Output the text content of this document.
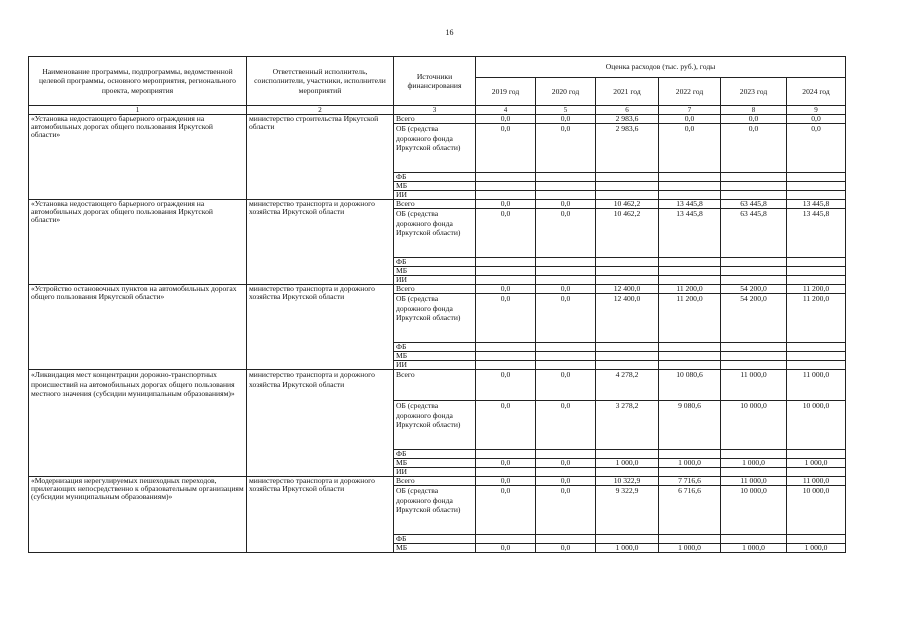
16
Наименование программы, подпрограммы, ведомственной целевой программы, основного мероприятия, регионального проекта, мероприятия	Ответственный исполнитель, соисполнители, участники, исполнители мероприятий	Источники финансирования	Оценка расходов (тыс. руб.), годы					
			2019 год	2020 год	2021 год	2022 год	2023 год	2024 год
1	2	3	4	5	6	7	8	9
«Установка недостающего барьерного ограждения на автомобильных дорогах общего пользования Иркутской области»	министерство строительства Иркутской области	Всего	0,0	0,0	2 983,6	0,0	0,0	0,0
		ОБ (средства дорожного фонда Иркутской области)	0,0	0,0	2 983,6	0,0	0,0	0,0
		ФБ						
		МБ						
		ИИ						
«Установка недостающего барьерного ограждения на автомобильных дорогах общего пользования Иркутской области»	министерство транспорта и дорожного хозяйства Иркутской области	Всего	0,0	0,0	10 462,2	13 445,8	63 445,8	13 445,8
		ОБ (средства дорожного фонда Иркутской области)	0,0	0,0	10 462,2	13 445,8	63 445,8	13 445,8
		ФБ						
		МБ						
		ИИ						
«Устройство остановочных пунктов на автомобильных дорогах общего пользования Иркутской области»	министерство транспорта и дорожного хозяйства Иркутской области	Всего	0,0	0,0	12 400,0	11 200,0	54 200,0	11 200,0
		ОБ (средства дорожного фонда Иркутской области)	0,0	0,0	12 400,0	11 200,0	54 200,0	11 200,0
		ФБ						
		МБ						
		ИИ						
«Ликвидация мест концентрации дорожно-транспортных происшествий на автомобильных дорогах общего пользования местного значения (субсидии муниципальным образованиям)»	министерство транспорта и дорожного хозяйства Иркутской области	Всего	0,0	0,0	4 278,2	10 080,6	11 000,0	11 000,0
		ОБ (средства дорожного фонда Иркутской области)	0,0	0,0	3 278,2	9 080,6	10 000,0	10 000,0
		ФБ						
		МБ	0,0	0,0	1 000,0	1 000,0	1 000,0	1 000,0
		ИИ						
«Модернизация нерегулируемых пешеходных переходов, прилегающих непосредственно к образовательным организациям (субсидии муниципальным образованиям)»	министерство транспорта и дорожного хозяйства Иркутской области	Всего	0,0	0,0	10 322,9	7 716,6	11 000,0	11 000,0
		ОБ (средства дорожного фонда Иркутской области)	0,0	0,0	9 322,9	6 716,6	10 000,0	10 000,0
		ФБ						
		МБ	0,0	0,0	1 000,0	1 000,0	1 000,0	1 000,0
